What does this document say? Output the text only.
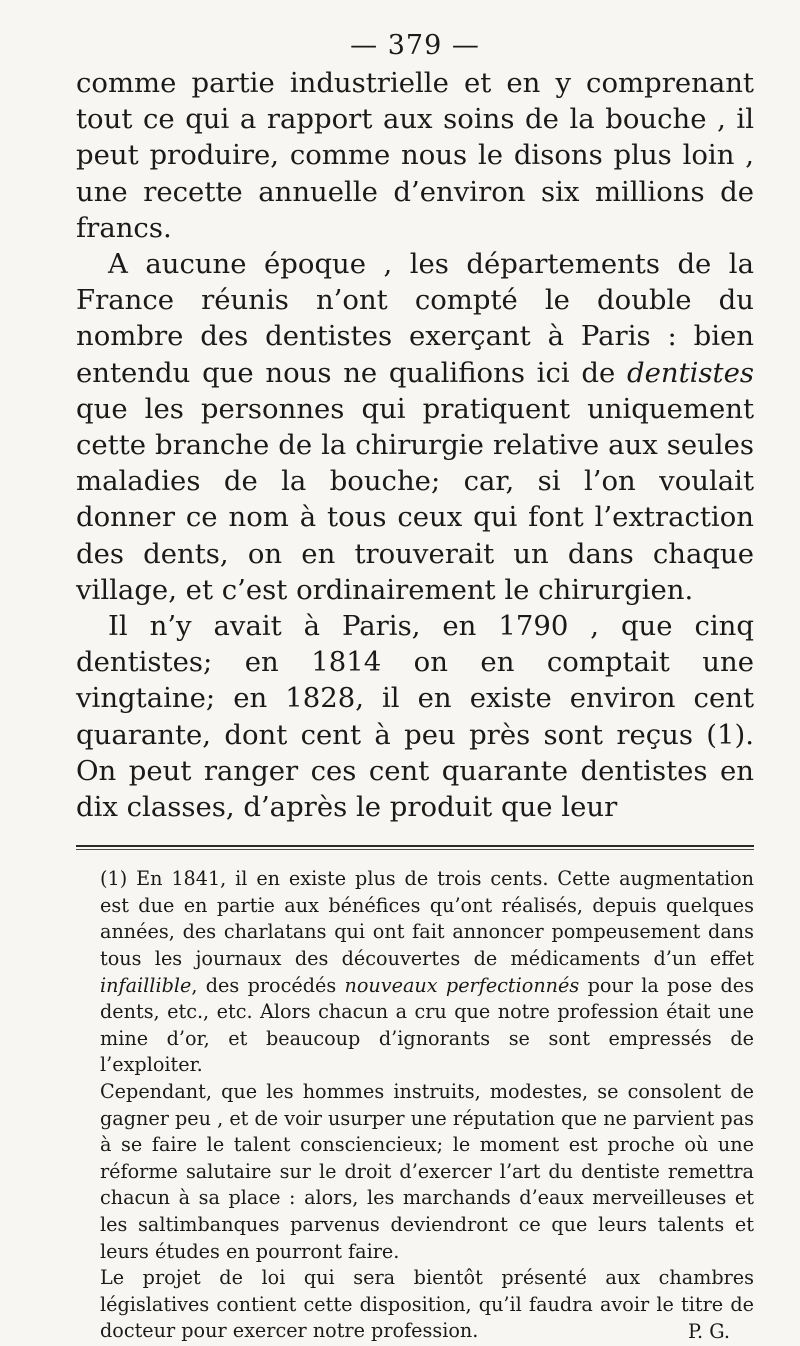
— 379 —

comme partie industrielle et en y comprenant tout ce qui a rapport aux soins de la bouche , il peut produire, comme nous le disons plus loin , une recette annuelle d’environ six millions de francs.

A aucune époque , les départements de la France réunis n’ont compté le double du nombre des dentistes exerçant à Paris : bien entendu que nous ne qualifions ici de dentistes que les personnes qui pratiquent uniquement cette branche de la chirurgie relative aux seules maladies de la bouche; car, si l’on voulait donner ce nom à tous ceux qui font l’extraction des dents, on en trouverait un dans chaque village, et c’est ordinairement le chirurgien.

Il n’y avait à Paris, en 1790 , que cinq dentistes; en 1814 on en comptait une vingtaine; en 1828, il en existe environ cent quarante, dont cent à peu près sont reçus (1). On peut ranger ces cent quarante dentistes en dix classes, d’après le produit que leur

(1) En 1841, il en existe plus de trois cents. Cette augmentation est due en partie aux bénéfices qu’ont réalisés, depuis quelques années, des charlatans qui ont fait annoncer pompeusement dans tous les journaux des découvertes de médicaments d’un effet infaillible, des procédés nouveaux perfectionnés pour la pose des dents, etc., etc. Alors chacun a cru que notre profession était une mine d’or, et beaucoup d’ignorants se sont empressés de l’exploiter.

Cependant, que les hommes instruits, modestes, se consolent de gagner peu , et de voir usurper une réputation que ne parvient pas à se faire le talent consciencieux; le moment est proche où une réforme salutaire sur le droit d’exercer l’art du dentiste remettra chacun à sa place : alors, les marchands d’eaux merveilleuses et les saltimbanques parvenus deviendront ce que leurs talents et leurs études en pourront faire.

Le projet de loi qui sera bientôt présenté aux chambres législatives contient cette disposition, qu’il faudra avoir le titre de docteur pour exercer notre profession.	P. G.
